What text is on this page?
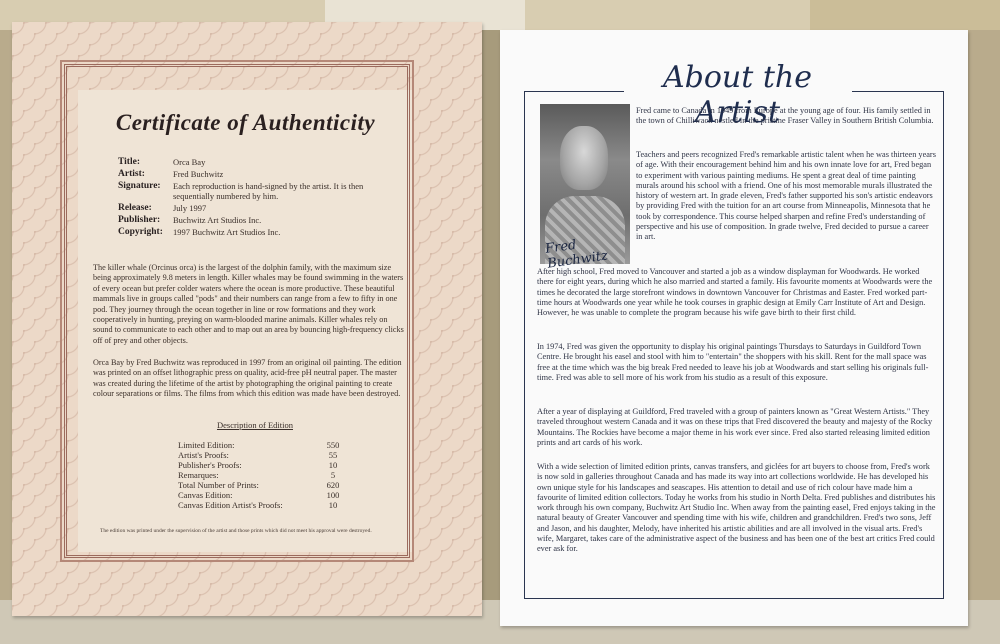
Certificate of Authenticity
Title:	Orca Bay
Artist:	Fred Buchwitz
Signature:	Each reproduction is hand-signed by the artist. It is then sequentially numbered by him.
Release:	July 1997
Publisher:	Buchwitz Art Studios Inc.
Copyright:	1997 Buchwitz Art Studios Inc.
The killer whale (Orcinus orca) is the largest of the dolphin family, with the maximum size being approximately 9.8 meters in length. Killer whales may be found swimming in the waters of every ocean but prefer colder waters where the ocean is more productive. These beautiful mammals live in groups called "pods" and their numbers can range from a few to fifty in one pod. They journey through the ocean together in line or row formations and they work cooperatively in hunting, preying on warm-blooded marine animals. Killer whales rely on sound to communicate to each other and to map out an area by bouncing high-frequency clicks off of prey and other objects.
Orca Bay by Fred Buchwitz was reproduced in 1997 from an original oil painting. The edition was printed on an offset lithographic press on quality, acid-free pH neutral paper. The master was created during the lifetime of the artist by photographing the original painting to create colour separations or films. The films from which this edition was made have been destroyed.
Description of Edition
Limited Edition:	550
Artist's Proofs:	55
Publisher's Proofs:	10
Remarques:	5
Total Number of Prints:	620
Canvas Edition:	100
Canvas Edition Artist's Proofs:	10
The edition was printed under the supervision of the artist and those prints which did not meet his approval were destroyed.
About the Artist
Fred Buchwitz
Fred came to Canada in 1949 from Europe at the young age of four. His family settled in the town of Chilliwack nestled in the pristine Fraser Valley in Southern British Columbia.
Teachers and peers recognized Fred's remarkable artistic talent when he was thirteen years of age. With their encouragement behind him and his own innate love for art, Fred began to experiment with various painting mediums. He spent a great deal of time painting murals around his school with a friend. One of his most memorable murals illustrated the history of western art. In grade eleven, Fred's father supported his son's artistic endeavors by providing Fred with the tuition for an art course from Minneapolis, Minnesota that he took by correspondence. This course helped sharpen and refine Fred's understanding of perspective and his use of composition. In grade twelve, Fred decided to pursue a career in art.
After high school, Fred moved to Vancouver and started a job as a window displayman for Woodwards. He worked there for eight years, during which he also married and started a family. His favourite moments at Woodwards were the times he decorated the large storefront windows in downtown Vancouver for Christmas and Easter. Fred worked part-time hours at Woodwards one year while he took courses in graphic design at Emily Carr Institute of Art and Design. However, he was unable to complete the program because his wife gave birth to their first child.
In 1974, Fred was given the opportunity to display his original paintings Thursdays to Saturdays in Guildford Town Centre. He brought his easel and stool with him to "entertain" the shoppers with his skill. Rent for the mall space was free at the time which was the big break Fred needed to leave his job at Woodwards and start selling his originals full-time. Fred was able to sell more of his work from his studio as a result of this exposure.
After a year of displaying at Guildford, Fred traveled with a group of painters known as "Great Western Artists." They traveled throughout western Canada and it was on these trips that Fred discovered the beauty and majesty of the Rocky Mountains. The Rockies have become a major theme in his work ever since. Fred also started releasing limited edition prints and art cards of his work.
With a wide selection of limited edition prints, canvas transfers, and giclées for art buyers to choose from, Fred's work is now sold in galleries throughout Canada and has made its way into art collections worldwide. He has developed his own unique style for his landscapes and seascapes. His attention to detail and use of rich colour have made him a favourite of limited edition collectors. Today he works from his studio in North Delta. Fred publishes and distributes his work through his own company, Buchwitz Art Studio Inc. When away from the painting easel, Fred enjoys taking in the natural beauty of Greater Vancouver and spending time with his wife, children and grandchildren. Fred's two sons, Jeff and Jason, and his daughter, Melody, have inherited his artistic abilities and are all involved in the visual arts. Fred's wife, Margaret, takes care of the administrative aspect of the business and has been one of the best art critics Fred could ever ask for.
